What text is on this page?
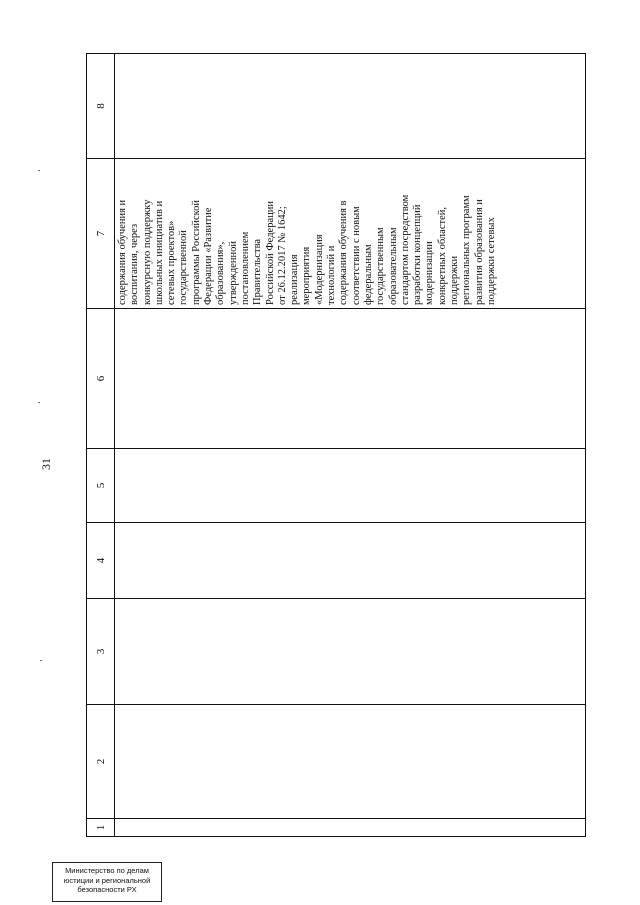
31
1
2
3
4
5
6
7

содержания обучения и
воспитания, через
конкурсную поддержку
школьных инициатив и
сетевых проектов»
государственной
программы Российской
Федерации «Развитие
образования»,
утвержденной
постановлением
Правительства
Российской Федерации
от 26.12.2017 № 1642;
реализация
мероприятия
«Модернизация
технологий и
содержания обучения в
соответствии с новым
федеральным
государственным
образовательным
стандартом посредством
разработки концепций
модернизации
конкретных областей,
поддержки
региональных программ
развития образования и
поддержки сетевых

8
Министерство по делам
юстиции и региональной
безопасности РХ
